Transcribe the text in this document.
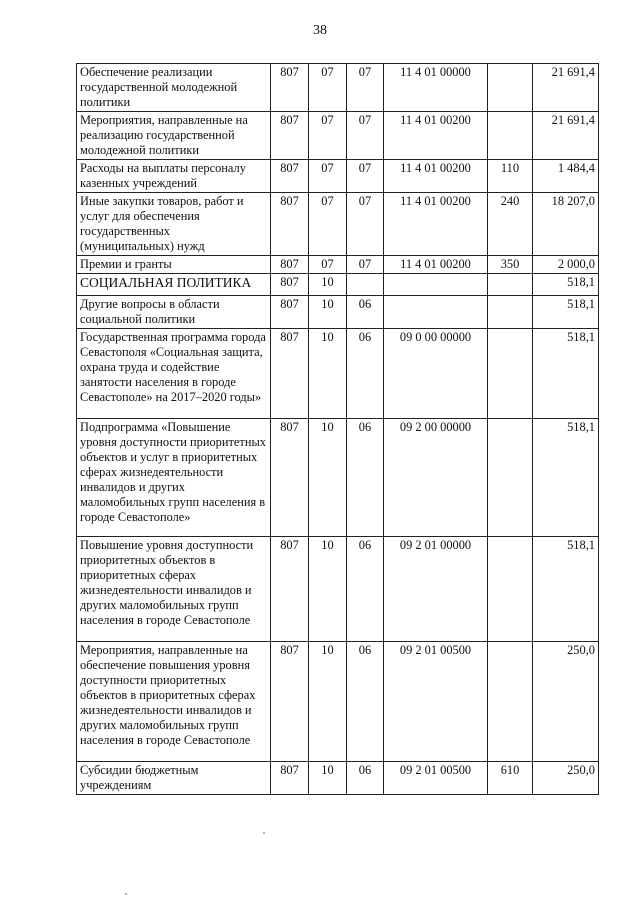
38
Обеспечение реализации государственной молодежной политики	807	07	07	11 4 01 00000		21 691,4
Мероприятия, направленные на реализацию государственной молодежной политики	807	07	07	11 4 01 00200		21 691,4
Расходы на выплаты персоналу казенных учреждений	807	07	07	11 4 01 00200	110	1 484,4
Иные закупки товаров, работ и услуг для обеспечения государственных (муниципальных) нужд	807	07	07	11 4 01 00200	240	18 207,0
Премии и гранты	807	07	07	11 4 01 00200	350	2 000,0
СОЦИАЛЬНАЯ ПОЛИТИКА	807	10				518,1
Другие вопросы в области социальной политики	807	10	06			518,1
Государственная программа города Севастополя «Социальная защита, охрана труда и содействие занятости населения в городе Севастополе» на 2017–2020 годы»	807	10	06	09 0 00 00000		518,1
Подпрограмма «Повышение уровня доступности приоритетных объектов и услуг в приоритетных сферах жизнедеятельности инвалидов и других маломобильных групп населения в городе Севастополе»	807	10	06	09 2 00 00000		518,1
Повышение уровня доступности приоритетных объектов в приоритетных сферах жизнедеятельности инвалидов и других маломобильных групп населения в городе Севастополе	807	10	06	09 2 01 00000		518,1
Мероприятия, направленные на обеспечение повышения уровня доступности приоритетных объектов в приоритетных сферах жизнедеятельности инвалидов и других маломобильных групп населения в городе Севастополе	807	10	06	09 2 01 00500		250,0
Субсидии бюджетным учреждениям	807	10	06	09 2 01 00500	610	250,0
